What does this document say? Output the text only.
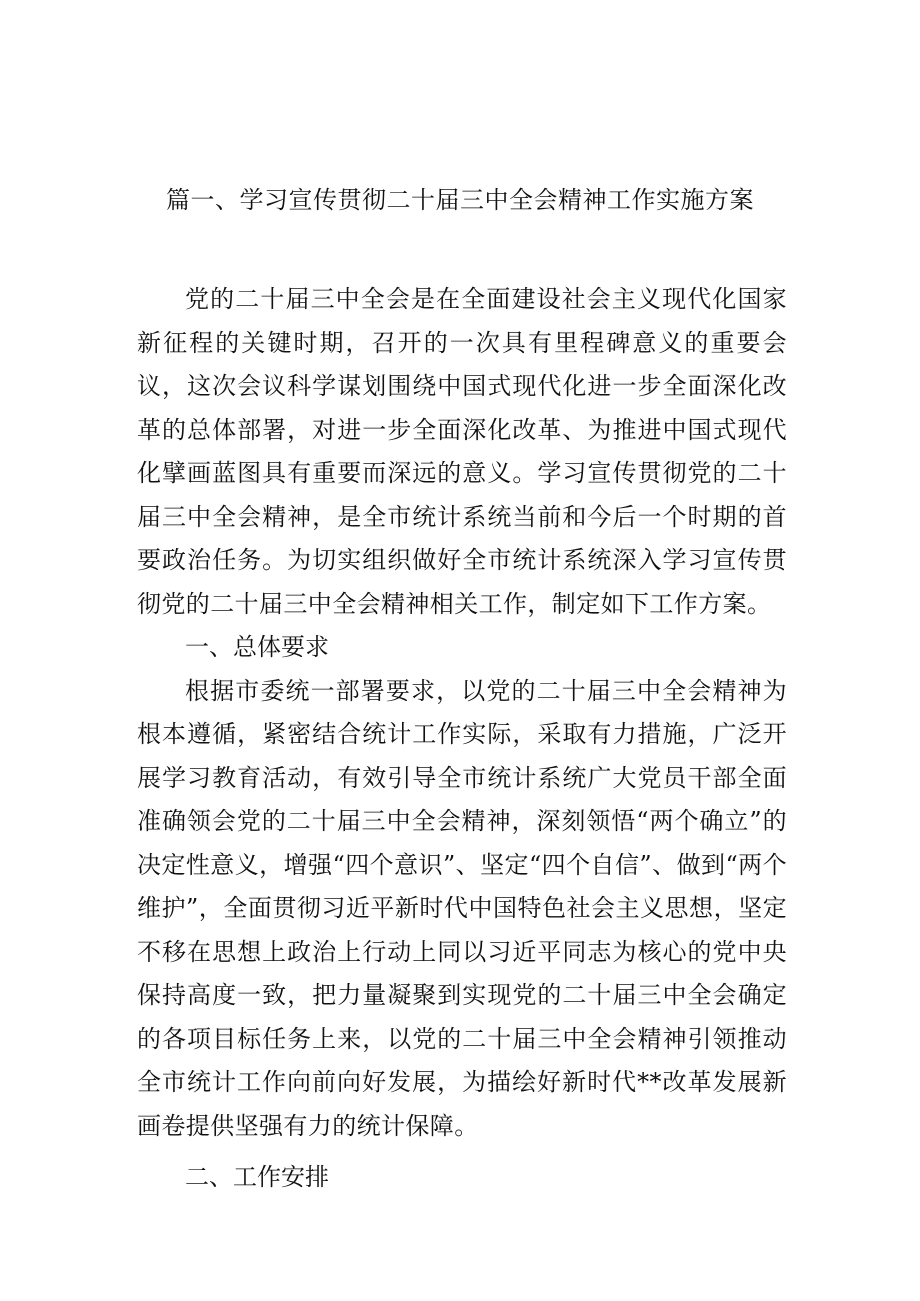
篇一、学习宣传贯彻二十届三中全会精神工作实施方案

党的二十届三中全会是在全面建设社会主义现代化国家新征程的关键时期，召开的一次具有里程碑意义的重要会议，这次会议科学谋划围绕中国式现代化进一步全面深化改革的总体部署，对进一步全面深化改革、为推进中国式现代化擘画蓝图具有重要而深远的意义。学习宣传贯彻党的二十届三中全会精神，是全市统计系统当前和今后一个时期的首要政治任务。为切实组织做好全市统计系统深入学习宣传贯彻党的二十届三中全会精神相关工作，制定如下工作方案。

一、总体要求

根据市委统一部署要求，以党的二十届三中全会精神为根本遵循，紧密结合统计工作实际，采取有力措施，广泛开展学习教育活动，有效引导全市统计系统广大党员干部全面准确领会党的二十届三中全会精神，深刻领悟“两个确立”的决定性意义，增强“四个意识”、坚定“四个自信”、做到“两个维护”，全面贯彻习近平新时代中国特色社会主义思想，坚定不移在思想上政治上行动上同以习近平同志为核心的党中央保持高度一致，把力量凝聚到实现党的二十届三中全会确定的各项目标任务上来，以党的二十届三中全会精神引领推动全市统计工作向前向好发展，为描绘好新时代**改革发展新画卷提供坚强有力的统计保障。

二、工作安排
